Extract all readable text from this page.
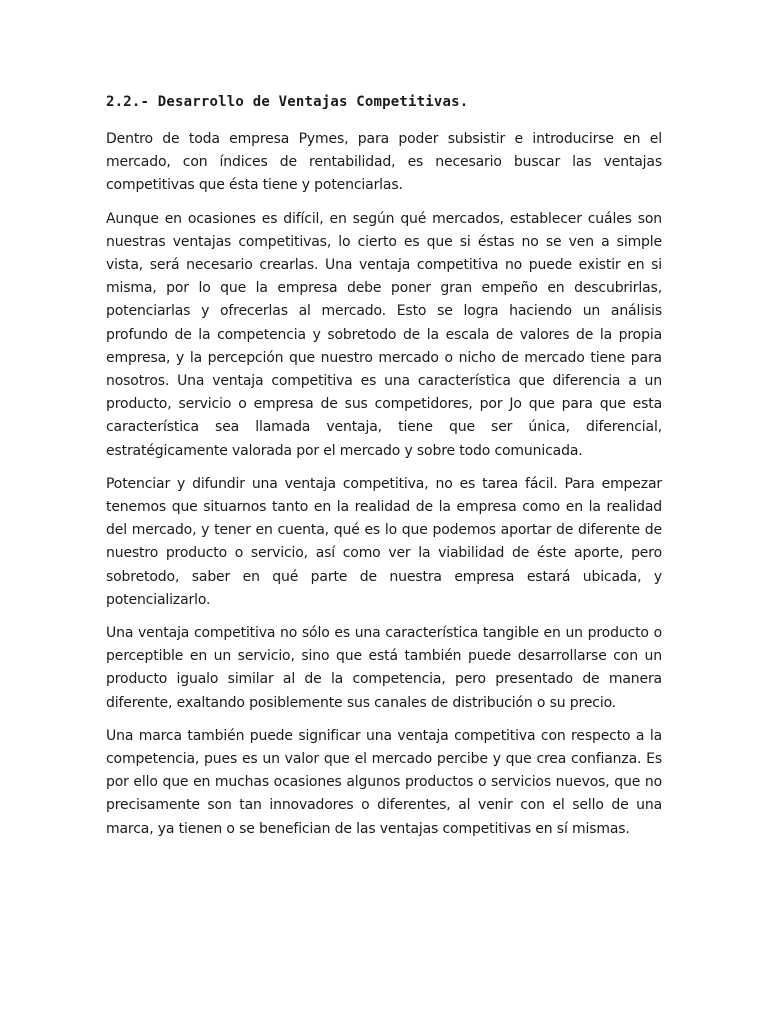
2.2.- Desarrollo de Ventajas Competitivas.

Dentro de toda empresa Pymes, para poder subsistir e introducirse en el mercado, con índices de rentabilidad, es necesario buscar las ventajas competitivas que ésta tiene y potenciarlas.

Aunque en ocasiones es difícil, en según qué mercados, establecer cuáles son nuestras ventajas competitivas, lo cierto es que si éstas no se ven a simple vista, será necesario crearlas. Una ventaja competitiva no puede existir en si misma, por lo que la empresa debe poner gran empeño en descubrirlas, potenciarlas y ofrecerlas al mercado. Esto se logra haciendo un análisis profundo de la competencia y sobretodo de la escala de valores de la propia empresa, y la percepción que nuestro mercado o nicho de mercado tiene para nosotros. Una ventaja competitiva es una característica que diferencia a un producto, servicio o empresa de sus competidores, por Jo que para que esta característica sea llamada ventaja, tiene que ser única, diferencial, estratégicamente valorada por el mercado y sobre todo comunicada.

Potenciar y difundir una ventaja competitiva, no es tarea fácil. Para empezar tenemos que situarnos tanto en la realidad de la empresa como en la realidad del mercado, y tener en cuenta, qué es lo que podemos aportar de diferente de nuestro producto o servicio, así como ver la viabilidad de éste aporte, pero sobretodo, saber en qué parte de nuestra empresa estará ubicada, y potencializarlo.

Una ventaja competitiva no sólo es una característica tangible en un producto o perceptible en un servicio, sino que está también puede desarrollarse con un producto igualo similar al de la competencia, pero presentado de manera diferente, exaltando posiblemente sus canales de distribución o su precio.

Una marca también puede significar una ventaja competitiva con respecto a la competencia, pues es un valor que el mercado percibe y que crea confianza. Es por ello que en muchas ocasiones algunos productos o servicios nuevos, que no precisamente son tan innovadores o diferentes, al venir con el sello de una marca, ya tienen o se benefician de las ventajas competitivas en sí mismas.
